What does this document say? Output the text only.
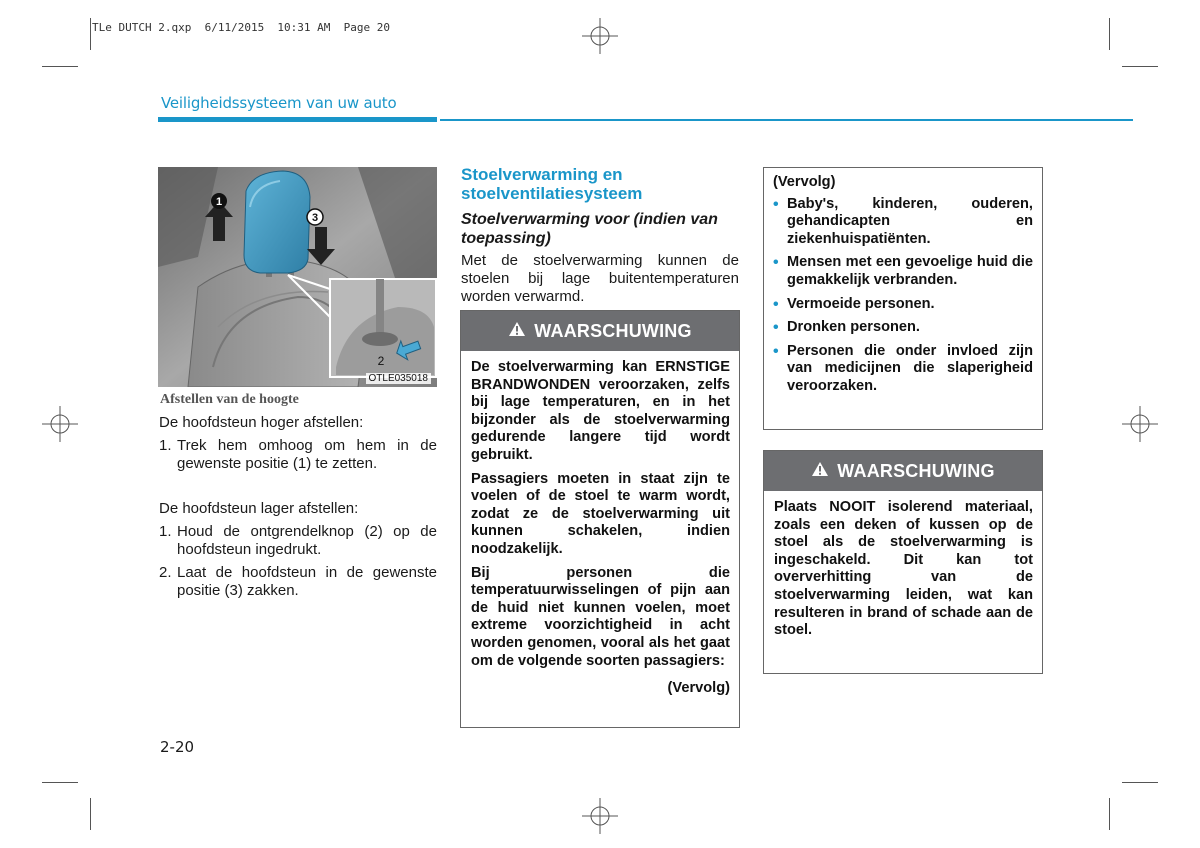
TLe DUTCH 2.qxp  6/11/2015  10:31 AM  Page 20
Veiligheidssysteem van uw auto
1
3
2
OTLE035018
Afstellen van de hoogte
De hoofdsteun hoger afstellen:
1. Trek hem omhoog om hem in de gewenste positie (1) te zetten.
De hoofdsteun lager afstellen:
1. Houd de ontgrendelknop (2) op de hoofdsteun ingedrukt.
2. Laat de hoofdsteun in de gewenste positie (3) zakken.
Stoelverwarming en stoelventilatiesysteem
Stoelverwarming voor (indien van toepassing)
Met de stoelverwarming kunnen de stoelen bij lage buitentemperaturen worden verwarmd.
WAARSCHUWING

De stoelverwarming kan ERNSTIGE BRANDWONDEN veroorzaken, zelfs bij lage temperaturen, en in het bijzonder als de stoelverwarming gedurende langere tijd wordt gebruikt.

Passagiers moeten in staat zijn te voelen of de stoel te warm wordt, zodat ze de stoelverwarming uit kunnen schakelen, indien noodzakelijk.

Bij personen die temperatuurwisselingen of pijn aan de huid niet kunnen voelen, moet extreme voorzichtigheid in acht worden genomen, vooral als het gaat om de volgende soorten passagiers:

(Vervolg)
(Vervolg)
• Baby's, kinderen, ouderen, gehandicapten en ziekenhuispatiënten.
• Mensen met een gevoelige huid die gemakkelijk verbranden.
• Vermoeide personen.
• Dronken personen.
• Personen die onder invloed zijn van medicijnen die slaperigheid veroorzaken.
WAARSCHUWING

Plaats NOOIT isolerend materiaal, zoals een deken of kussen op de stoel als de stoelverwarming is ingeschakeld. Dit kan tot oververhitting van de stoelverwarming leiden, wat kan resulteren in brand of schade aan de stoel.

2-20
